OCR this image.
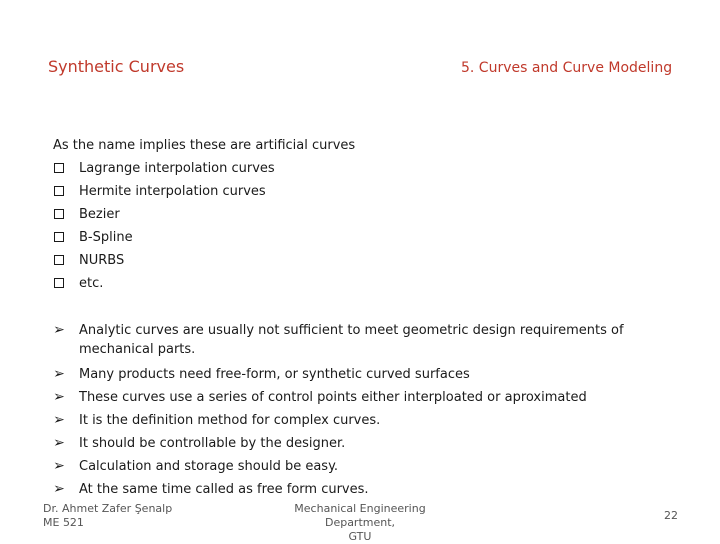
Synthetic Curves	5. Curves and Curve Modeling
As the name implies these are artificial curves
Lagrange interpolation curves
Hermite interpolation curves
Bezier
B-Spline
NURBS
etc.
➢ Analytic curves are usually not sufficient to meet geometric design requirements of mechanical parts.
➢ Many products need free-form, or synthetic curved surfaces
➢ These curves use a series of control points either interploated or aproximated
➢ It is the definition method for complex curves.
➢ It should be controllable by the designer.
➢ Calculation and storage should be easy.
➢ At the same time called as free form curves.
Dr. Ahmet Zafer Şenalp
ME 521
Mechanical Engineering Department,
GTU
22
